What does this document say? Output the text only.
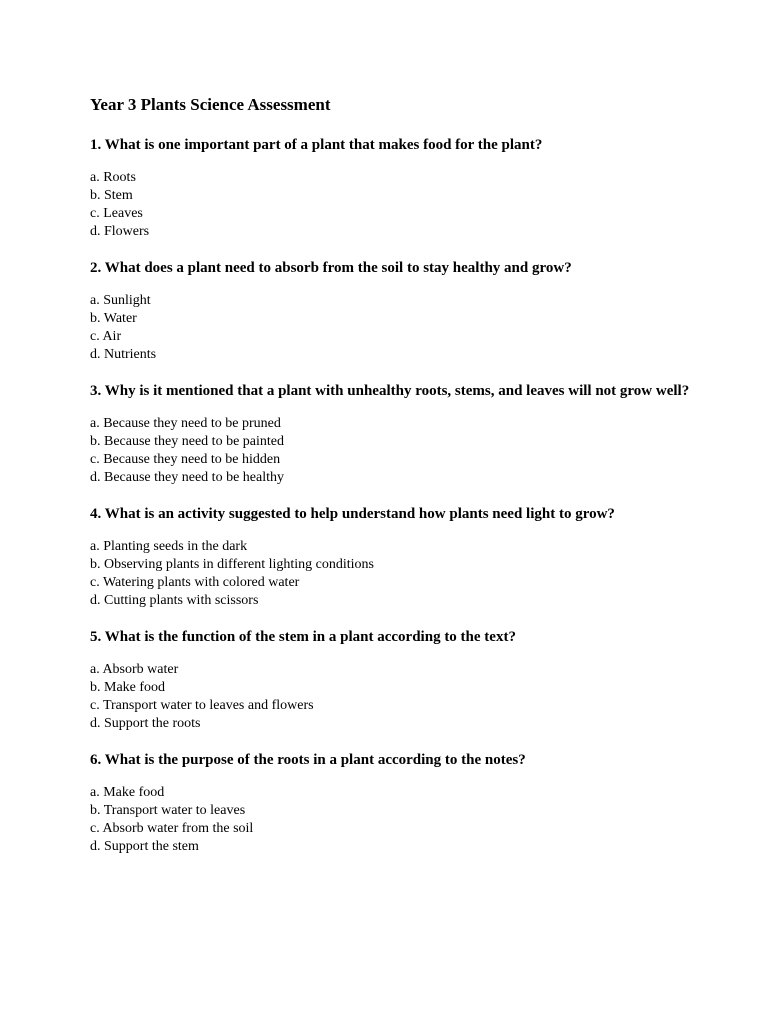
Year 3 Plants Science Assessment

1. What is one important part of a plant that makes food for the plant?

a. Roots
b. Stem
c. Leaves
d. Flowers

2. What does a plant need to absorb from the soil to stay healthy and grow?

a. Sunlight
b. Water
c. Air
d. Nutrients

3. Why is it mentioned that a plant with unhealthy roots, stems, and leaves will not grow well?

a. Because they need to be pruned
b. Because they need to be painted
c. Because they need to be hidden
d. Because they need to be healthy

4. What is an activity suggested to help understand how plants need light to grow?

a. Planting seeds in the dark
b. Observing plants in different lighting conditions
c. Watering plants with colored water
d. Cutting plants with scissors

5. What is the function of the stem in a plant according to the text?

a. Absorb water
b. Make food
c. Transport water to leaves and flowers
d. Support the roots

6. What is the purpose of the roots in a plant according to the notes?

a. Make food
b. Transport water to leaves
c. Absorb water from the soil
d. Support the stem
